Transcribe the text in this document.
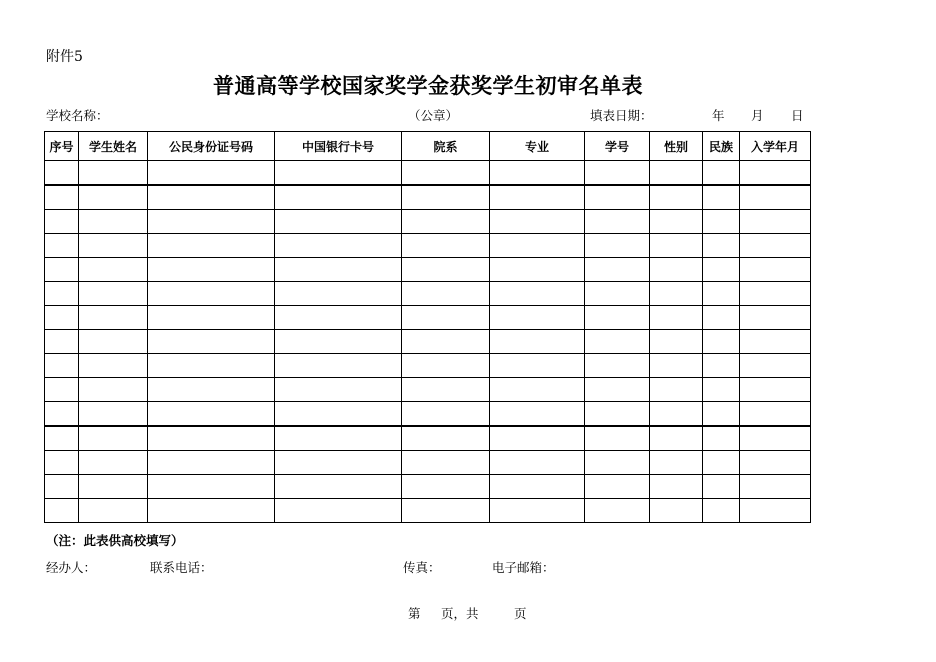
附件5
普通高等学校国家奖学金获奖学生初审名单表
学校名称：	（公章）	填表日期：	年 月 日
序号	学生姓名	公民身份证号码	中国银行卡号	院系	专业	学号	性别	民族	入学年月

（注：此表供高校填写）
经办人：	联系电话：	传真：	电子邮箱：
第 页，共	页
